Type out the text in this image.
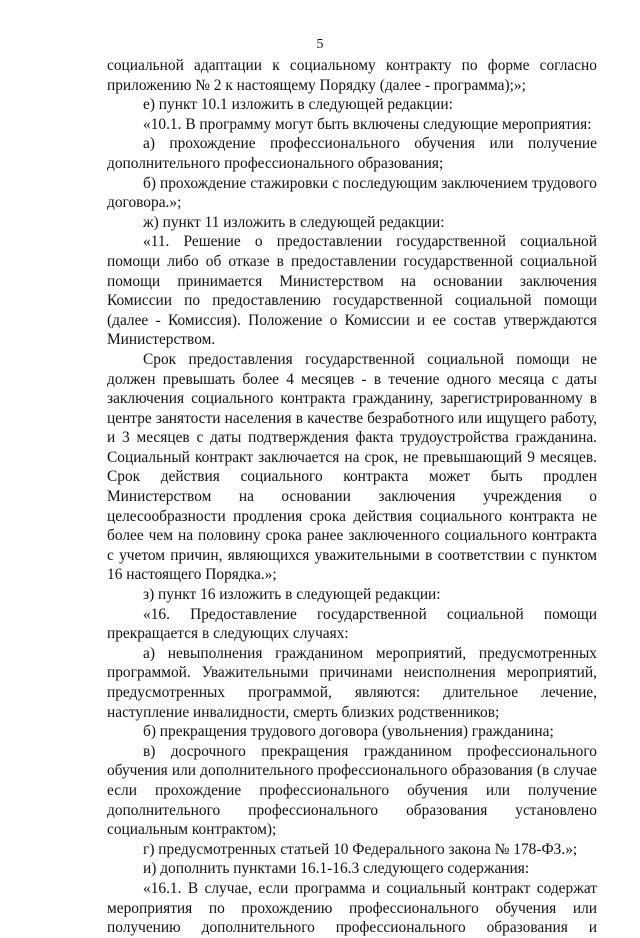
5

социальной адаптации к социальному контракту по форме согласно приложению № 2 к настоящему Порядку (далее - программа);»;

е) пункт 10.1 изложить в следующей редакции:

«10.1. В программу могут быть включены следующие мероприятия:

а) прохождение профессионального обучения или получение дополнительного профессионального образования;

б) прохождение стажировки с последующим заключением трудового договора.»;

ж) пункт 11 изложить в следующей редакции:

«11. Решение о предоставлении государственной социальной помощи либо об отказе в предоставлении государственной социальной помощи принимается Министерством на основании заключения Комиссии по предоставлению государственной социальной помощи (далее - Комиссия). Положение о Комиссии и ее состав утверждаются Министерством.

Срок предоставления государственной социальной помощи не должен превышать более 4 месяцев - в течение одного месяца с даты заключения социального контракта гражданину, зарегистрированному в центре занятости населения в качестве безработного или ищущего работу, и 3 месяцев с даты подтверждения факта трудоустройства гражданина. Социальный контракт заключается на срок, не превышающий 9 месяцев. Срок действия социального контракта может быть продлен Министерством на основании заключения учреждения о целесообразности продления срока действия социального контракта не более чем на половину срока ранее заключенного социального контракта с учетом причин, являющихся уважительными в соответствии с пунктом 16 настоящего Порядка.»;

з) пункт 16 изложить в следующей редакции:

«16. Предоставление государственной социальной помощи прекращается в следующих случаях:

а) невыполнения гражданином мероприятий, предусмотренных программой. Уважительными причинами неисполнения мероприятий, предусмотренных программой, являются: длительное лечение, наступление инвалидности, смерть близких родственников;

б) прекращения трудового договора (увольнения) гражданина;

в) досрочного прекращения гражданином профессионального обучения или дополнительного профессионального образования (в случае если прохождение профессионального обучения или получение дополнительного профессионального образования установлено социальным контрактом);

г) предусмотренных статьей 10 Федерального закона № 178-ФЗ.»;

и) дополнить пунктами 16.1-16.3 следующего содержания:

«16.1. В случае, если программа и социальный контракт содержат мероприятия по прохождению профессионального обучения или получению дополнительного профессионального образования и
